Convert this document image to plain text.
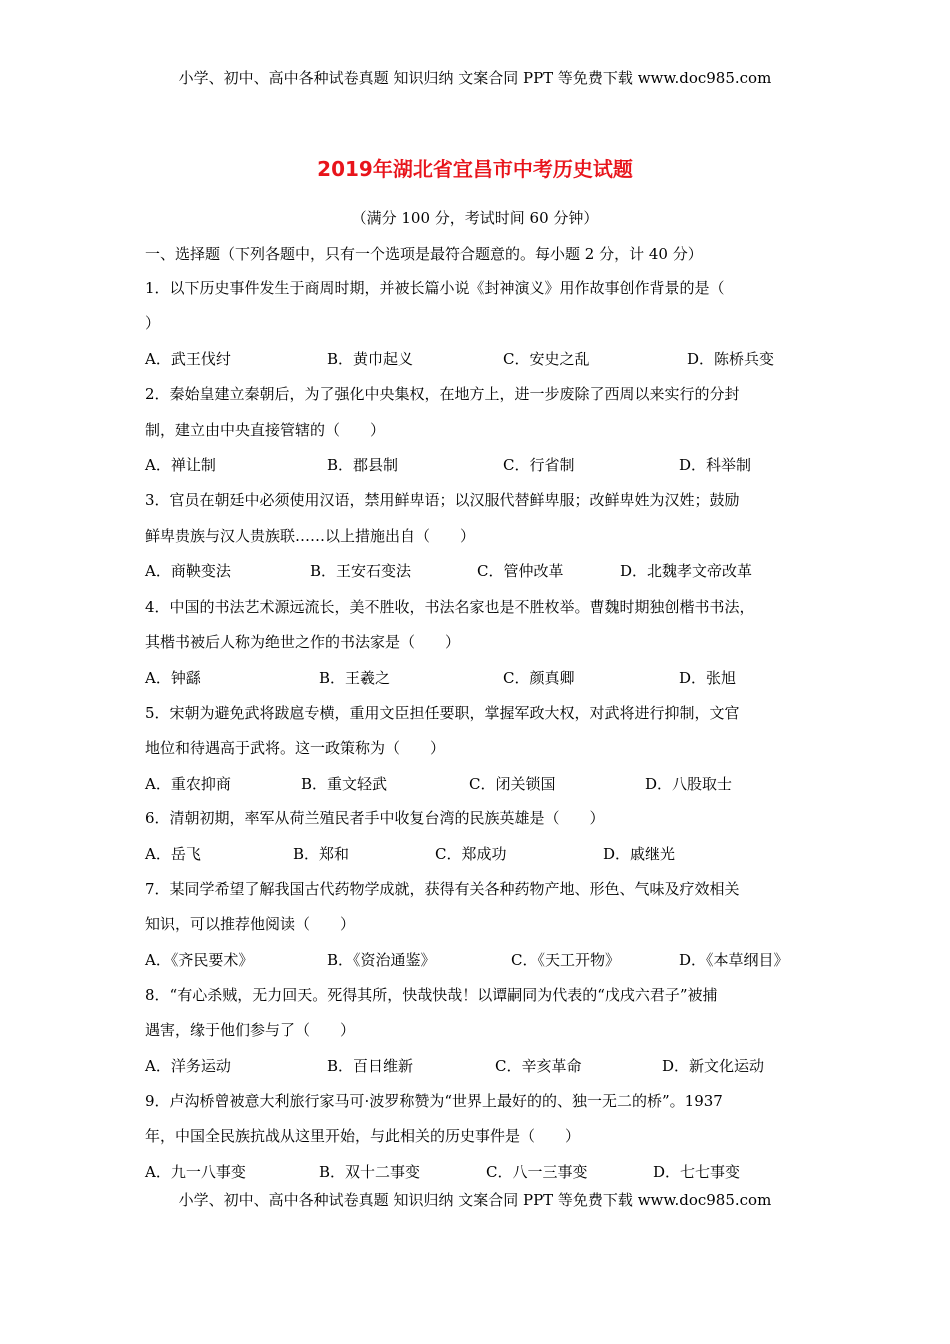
小学、初中、高中各种试卷真题 知识归纳 文案合同 PPT 等免费下载 www.doc985.com
2019年湖北省宜昌市中考历史试题
（满分 100 分，考试时间 60 分钟）
一、选择题（下列各题中，只有一个选项是最符合题意的。每小题 2 分，计 40 分）
1．以下历史事件发生于商周时期，并被长篇小说《封神演义》用作故事创作背景的是（
）
A．武王伐纣	B．黄巾起义	C．安史之乱	D．陈桥兵变
2．秦始皇建立秦朝后，为了强化中央集权，在地方上，进一步废除了西周以来实行的分封
制，建立由中央直接管辖的（　　）
A．禅让制	B．郡县制	C．行省制	D．科举制
3．官员在朝廷中必须使用汉语，禁用鲜卑语；以汉服代替鲜卑服；改鲜卑姓为汉姓；鼓励
鲜卑贵族与汉人贵族联……以上措施出自（　　）
A．商鞅变法	B．王安石变法	C．管仲改革	D．北魏孝文帝改革
4．中国的书法艺术源远流长，美不胜收，书法名家也是不胜枚举。曹魏时期独创楷书书法，
其楷书被后人称为绝世之作的书法家是（　　）
A．钟繇	B．王羲之	C．颜真卿	D．张旭
5．宋朝为避免武将跋扈专横，重用文臣担任要职，掌握军政大权，对武将进行抑制，文官
地位和待遇高于武将。这一政策称为（　　）
A．重农抑商	B．重文轻武	C．闭关锁国	D．八股取士
6．清朝初期，率军从荷兰殖民者手中收复台湾的民族英雄是（　　）
A．岳飞	B．郑和	C．郑成功	D．戚继光
7．某同学希望了解我国古代药物学成就，获得有关各种药物产地、形色、气味及疗效相关
知识，可以推荐他阅读（　　）
A．《齐民要术》	B．《资治通鉴》	C．《天工开物》	D．《本草纲目》
8．“有心杀贼，无力回天。死得其所，快哉快哉！以谭嗣同为代表的“戊戌六君子”被捕
遇害，缘于他们参与了（　　）
A．洋务运动	B．百日维新	C．辛亥革命	D．新文化运动
9．卢沟桥曾被意大利旅行家马可·波罗称赞为“世界上最好的的、独一无二的桥”。1937
年，中国全民族抗战从这里开始，与此相关的历史事件是（　　）
A．九一八事变	B．双十二事变	C．八一三事变	D．七七事变
小学、初中、高中各种试卷真题 知识归纳 文案合同 PPT 等免费下载 www.doc985.com
